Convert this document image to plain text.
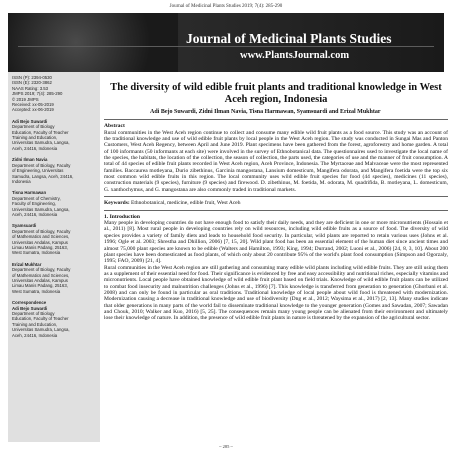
Journal of Medicinal Plants Studies 2019; 7(4): 285-290
Journal of Medicinal Plants Studies
www.PlantsJournal.com
ISSN (P): 2394-0530
ISSN (E): 2320-3862
NAAS Rating: 3.53
JMPS 2019; 7(4): 285-290
© 2019 JMPS
Received: xx-05-2019
Accepted: xx-06-2019
Adi Bejo Suwardi
Department of Biology
Education, Faculty of Teacher
Training and Education,
Universitas Samudra, Langsa,
Aceh, 24416, Indonesia
Zidni Ilman Navia
Department of Biology, Faculty
of Engineering, Universitas
Samudra, Langsa, Aceh, 24416,
Indonesia
Tisna Harmawan
Department of Chemistry,
Faculty of Engineering,
Universitas Samudra, Langsa,
Aceh, 24416, Indonesia
Syamsuardi
Department of Biology, Faculty
of Mathematics and Sciences,
Universitas Andalas, Kampus
Limau Manis Padang, 25163,
West Sumatra, Indonesia
Erizal Mukhtar
Department of Biology, Faculty
of Mathematics and Sciences,
Universitas Andalas, Kampus
Limau Manis Padang, 25163,
West Sumatra, Indonesia
Correspondence
Adi Bejo Suwardi
Department of Biology
Education, Faculty of Teacher
Training and Education,
Universitas Samudra, Langsa,
Aceh, 24416, Indonesia
The diversity of wild edible fruit plants and traditional knowledge in West Aceh region, Indonesia
Adi Bejo Suwardi, Zidni Ilman Navia, Tisna Harmawan, Syamsuardi and Erizal Mukhtar
Abstract
Rural communities in the West Aceh region continue to collect and consume many edible wild fruit plants as a food source. This study was an account of the traditional knowledge and use of wild edible fruit plants by local people in the West Aceh region. The study was conducted in Sungai Mas and Panton Customers, West Aceh Regency, between April and June 2019. Plant specimens have been gathered from the forest, agroforestry and home garden. A total of 100 informants (50 informants at each site) were involved in the survey of Ethnobotanical data. The questionnaires used to investigate the local name of the species, the habitats, the location of the collection, the season of collection, the parts used, the categories of use and the manner of fruit consumption. A total of 44 species of edible fruit plants recorded in West Aceh region, Aceh Province, Indonesia. The Myrtaceae and Malvaceae were the most represented families. Baccaurea motleyana, Durio zibethinus, Garcinia mangostana, Lansium domesticum, Mangifera odorata, and Mangifera foetida were the top six most common wild edible fruits in this region. The local community uses wild edible fruit species for food (44 species), medicines (11 species), construction materials (9 species), furniture (9 species) and firewood. D. zibethinus, M. foetida, M. odorata, M. quadrifida, B. motleyana, L. domesticum, G. xanthochymus, and G. mangostana are also commonly traded in traditional markets.
Keywords: Ethnobotanical, medicine, edible fruit, West Aceh
1. Introduction
Many people in developing countries do not have enough food to satisfy their daily needs, and they are deficient in one or more micronutrients (Hossain et al., 2011) [8]. Most rural people in developing countries rely on wild resources, including wild edible fruits as a source of food. The diversity of wild species provides a variety of family diets and leads to household food security. In particular, wild plants are reported to retain various uses (Johns et al. 1996; Ogle et al. 2003; Shrestha and Dhillion, 2006) [7, 15, 20]. Wild plant food has been an essential element of the human diet since ancient times and almost 75,000 plant species are known to be edible (Walters and Hamilton, 1993; King, 1994; Durrand, 2002; Luoni et al., 2006) [24, 8, 3, 10]. About 200 plant species have been domesticated as food plants, of which only about 20 contribute 95% of the world's plant food consumption (Simpson and Ogorzaly, 1995; FAO, 2009) [21, 4].
Rural communities in the West Aceh region are still gathering and consuming many edible wild plants including wild edible fruits. They are still using them as a supplement of their essential need for food. Their significance is evidenced by free and easy accessibility and nutritional riches, especially vitamins and micronutrients. Local people have obtained knowledge of wild edible fruit plant based on field trials. Knowledge of wild edible fruit plants can be utilized to combat food insecurity and malnutrition challenges (Johns et al., 1996) [7]. This knowledge is transferred from generation to generation (Ghorbani et al. 2008) and can only be found in particular as oral traditions. Traditional knowledge of local people about wild food is threatened with modernization. Modernization causing a decrease in traditional knowledge and use of biodiversity (Dng et al., 2012; Waysima et al., 2017) [2, 13]. Many studies indicate that older generations in many parts of the world fail to disseminate traditional knowledge to the younger generation (Gomes and Sawadan, 2007; Sawadan and Chouk, 2010; Walker and Kuo, 2016) [5, 25]. The consequences remain many young people can be alienated from their environment and ultimately lose their knowledge of nature. In addition, the presence of wild edible fruit plants in nature is threatened by the expansion of the agricultural sector.
~ 285 ~
